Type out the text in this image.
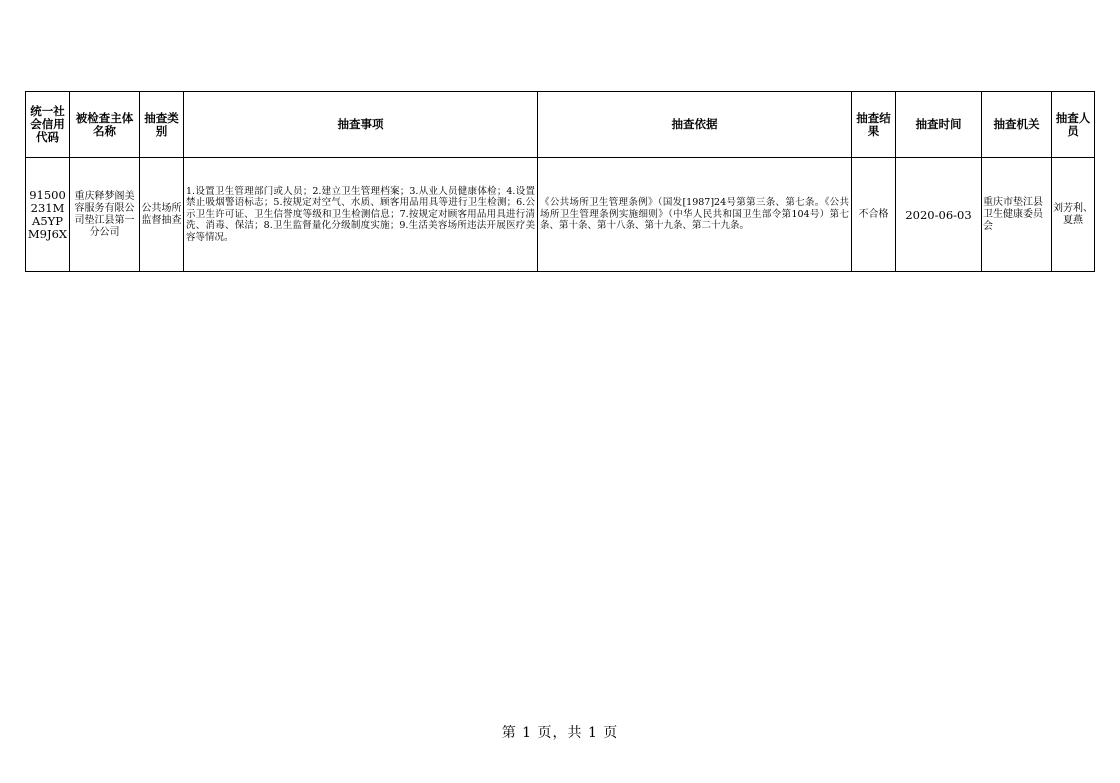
统一社会信用代码	被检查主体名称	抽查类别	抽查事项	抽查依据	抽查结果	抽查时间	抽查机关	抽查人员
91500231MA5YPM9J6X	重庆释梦阁美容服务有限公司垫江县第一分公司	公共场所监督抽查	1.设置卫生管理部门或人员；2.建立卫生管理档案；3.从业人员健康体检；4.设置禁止吸烟警语标志；5.按规定对空气、水质、顾客用品用具等进行卫生检测；6.公示卫生许可证、卫生信誉度等级和卫生检测信息；7.按规定对顾客用品用具进行清洗、消毒、保洁；8.卫生监督量化分级制度实施；9.生活美容场所违法开展医疗美容等情况。	《公共场所卫生管理条例》（国发[1987]24号第第三条、第七条。《公共场所卫生管理条例实施细则》（中华人民共和国卫生部令第104号）第七条、第十条、第十八条、第十九条、第二十九条。	不合格	2020-06-03	重庆市垫江县卫生健康委员会	刘芳利、夏燕
第 1 页，共 1 页
